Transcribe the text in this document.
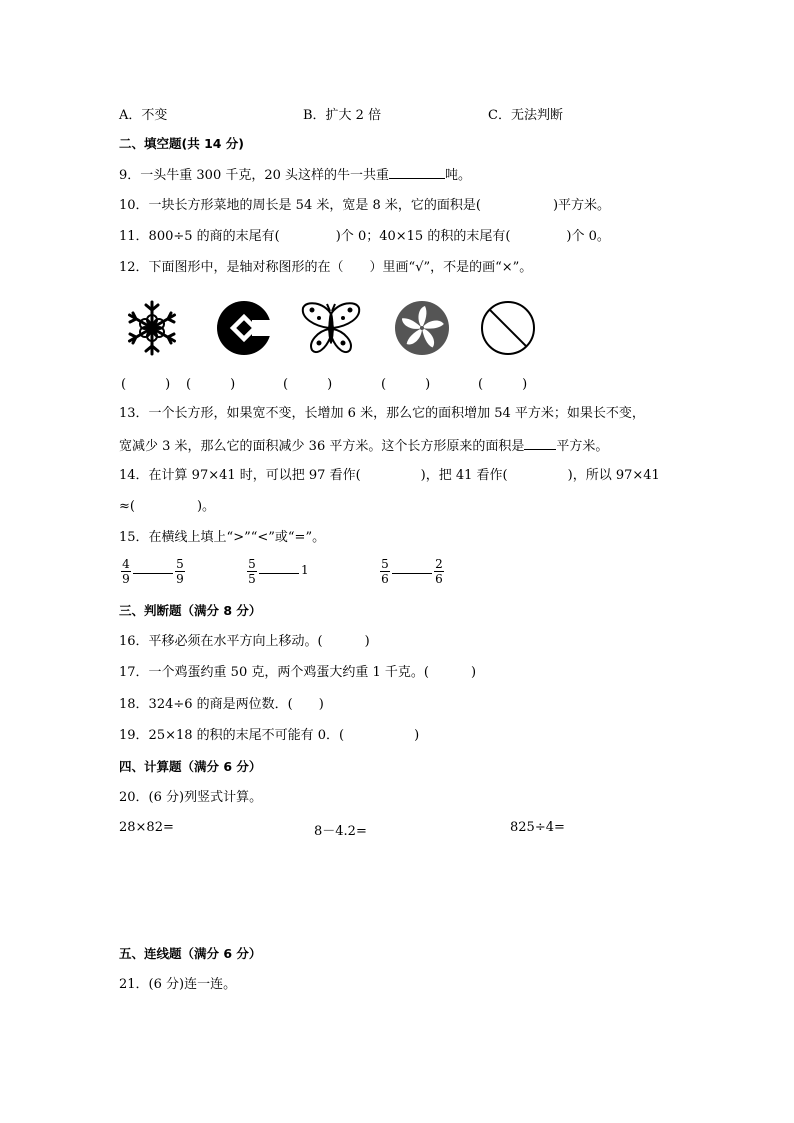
A．不变	B．扩大 2 倍	C．无法判断
二、填空题(共 14 分)
9．一头牛重 300 千克，20 头这样的牛一共重	吨。
10．一块长方形菜地的周长是 54 米，宽是 8 米，它的面积是(	)平方米。
11．800÷5 的商的末尾有(	)个 0；40×15 的积的末尾有(	)个 0。
12．下面图形中，是轴对称图形的在（　　）里画“√”，不是的画“×”。
(　　　) (　　　)	(　　　)	(　　　)	(　　　)
13．一个长方形，如果宽不变，长增加 6 米，那么它的面积增加 54 平方米；如果长不变，
宽减少 3 米，那么它的面积减少 36 平方米。这个长方形原来的面积是 平方米。
14．在计算 97×41 时，可以把 97 看作(	)，把 41 看作(	)，所以 97×41
≈(	)。
15．在横线上填上“>”“<”或“=”。
$\frac{4}{9}$	$\frac{5}{9}$	$\frac{5}{5}$	1	$\frac{5}{6}$	$\frac{2}{6}$
三、判断题（满分 8 分）
16．平移必须在水平方向上移动。(	)
17．一个鸡蛋约重 50 克，两个鸡蛋大约重 1 千克。(	)
18．324÷6 的商是两位数．( )
19．25×18 的积的末尾不可能有 0．(	)
四、计算题（满分 6 分）
20．(6 分)列竖式计算。
28×82=	8－4.2=	825÷4=
五、连线题（满分 6 分）
21．(6 分)连一连。
